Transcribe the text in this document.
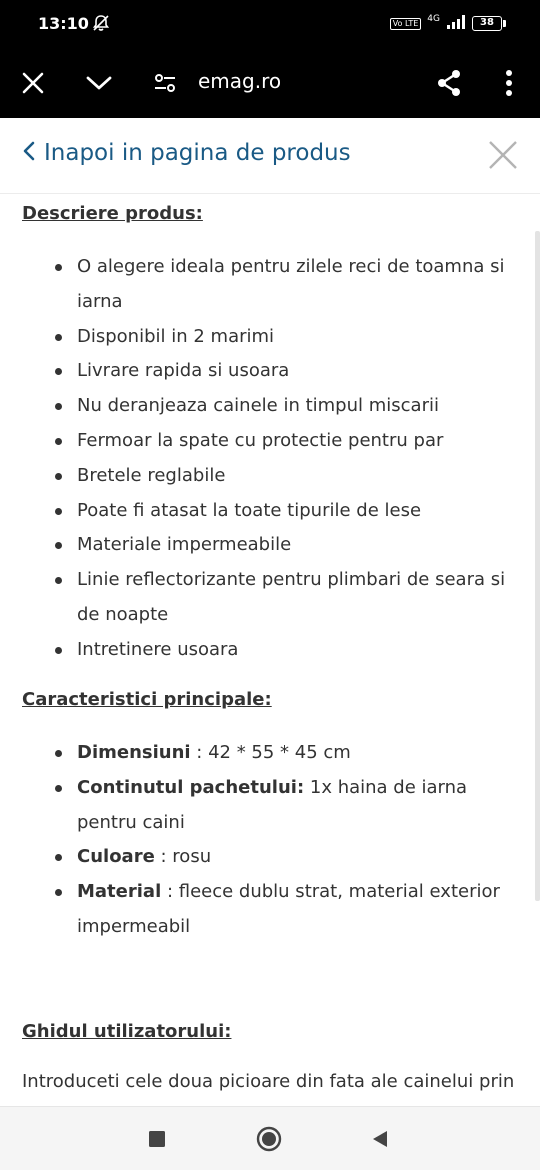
13:10	Vo LTE	4G	38
emag.ro
Inapoi in pagina de produs
Descriere produs:
O alegere ideala pentru zilele reci de toamna si iarna
Disponibil in 2 marimi
Livrare rapida si usoara
Nu deranjeaza cainele in timpul miscarii
Fermoar la spate cu protectie pentru par
Bretele reglabile
Poate fi atasat la toate tipurile de lese
Materiale impermeabile
Linie reflectorizante pentru plimbari de seara si de noapte
Intretinere usoara
Caracteristici principale:
Dimensiuni : 42 * 55 * 45 cm
Continutul pachetului: 1x haina de iarna pentru caini
Culoare : rosu
Material : fleece dublu strat, material exterior impermeabil
Ghidul utilizatorului:
Introduceti cele doua picioare din fata ale cainelui prin
